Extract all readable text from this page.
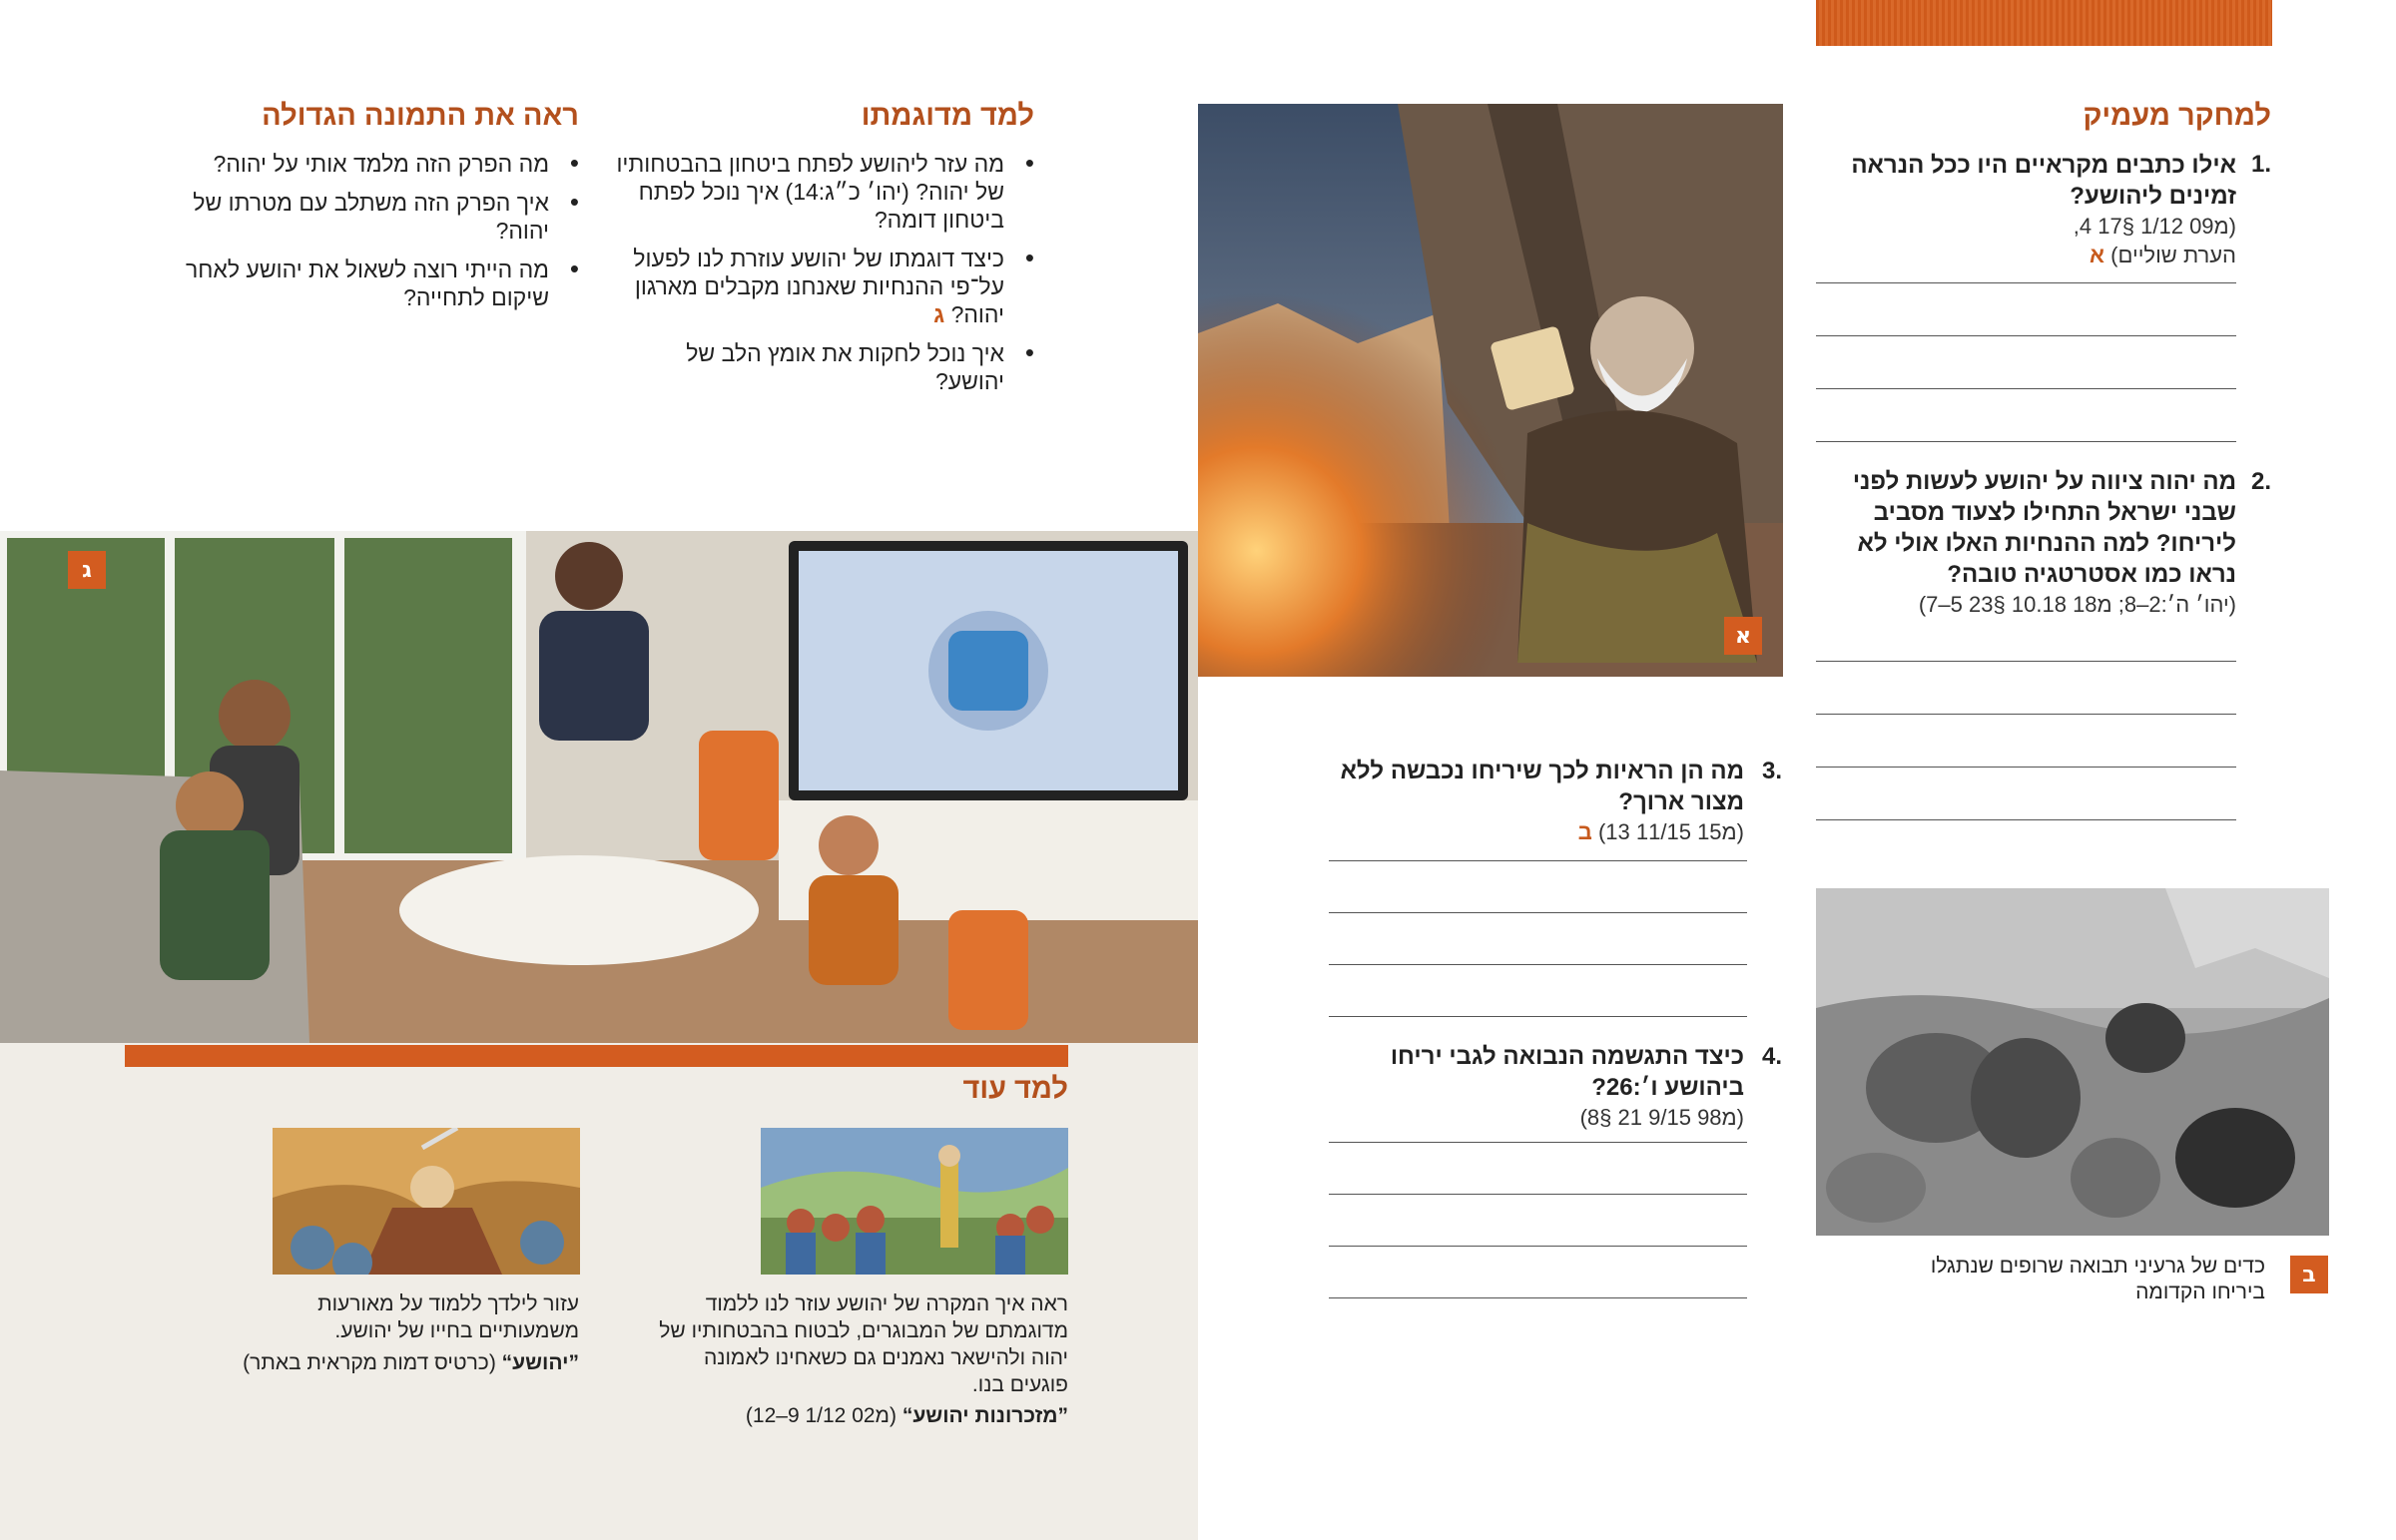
למחקר מעמיק
אילו כתבים מקראיים היו ככל הנראה זמינים ליהושע?
(מ09 1/12 §17 4,
הערת שוליים) א
1.
מה יהוה ציווה על יהושע לעשות לפני שבני ישראל התחילו לצעוד מסביב ליריחו? למה ההנחיות האלו אולי לא נראו כמו אסטרטגיה טובה?
(יהו׳ ה׳:2–8; מ18 10.18 §23 5–7)
2.
ב
כדים של גרעיני תבואה שרופים שנתגלו ביריחו הקדומה
א
מה הן הראיות לכך שיריחו נכבשה ללא מצור ארוך?
(מ15 11/15 13) ב
3.
כיצד התגשמה הנבואה לגבי יריחו ביהושע ו׳:26?
(מ98 9/15 21 §8)
4.
למד מדוגמתו
• מה עזר ליהושע לפתח ביטחון בהבטחותיו של יהוה? (יהו׳ כ״ג:14) איך נוכל לפתח ביטחון דומה?
• כיצד דוגמתו של יהושע עוזרת לנו לפעול על־פי ההנחיות שאנחנו מקבלים מארגון יהוה? ג
• איך נוכל לחקות את אומץ הלב של יהושע?
ראה את התמונה הגדולה
• מה הפרק הזה מלמד אותי על יהוה?
• איך הפרק הזה משתלב עם מטרתו של יהוה?
• מה הייתי רוצה לשאול את יהושע לאחר שיקום לתחייה?
ג
למד עוד
ראה איך המקרה של יהושע עוזר לנו ללמוד מדוגמתם של המבוגרים, לבטוח בהבטחותיו של יהוה ולהישאר נאמנים גם כשאחינו לאמונה פוגעים בנו.
”מזכרונות יהושע“ (מ02 1/12 9–12)
עזור לילדך ללמוד על מאורעות משמעותיים בחייו של יהושע.
”יהושע“ (כרטיס דמות מקראית באתר)
